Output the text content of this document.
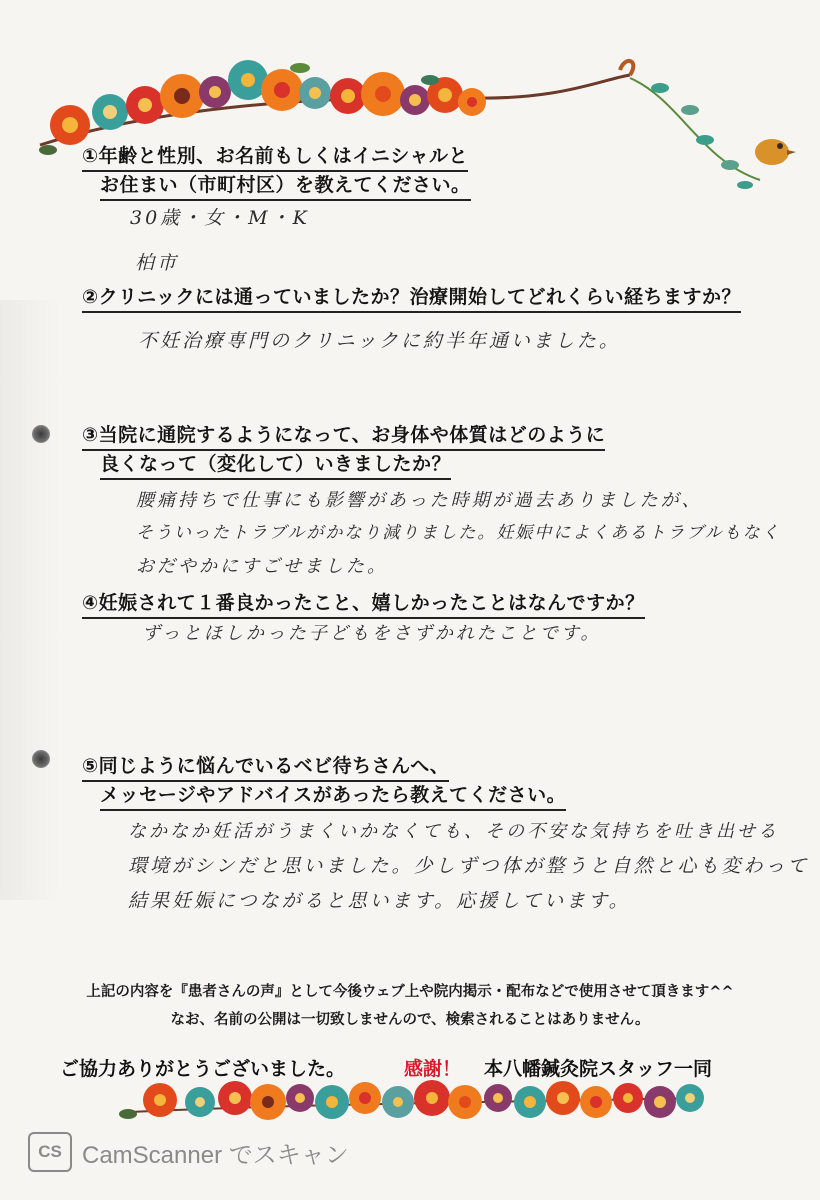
①年齢と性別、お名前もしくはイニシャルと
お住まい（市町村区）を教えてください。
30歳・女・M・K
柏市
②クリニックには通っていましたか？治療開始してどれくらい経ちますか？
不妊治療専門のクリニックに約半年通いました。
③当院に通院するようになって、お身体や体質はどのように
良くなって（変化して）いきましたか？
腰痛持ちで仕事にも影響があった時期が過去ありましたが、
そういったトラブルがかなり減りました。妊娠中によくあるトラブルもなく
おだやかにすごせました。
④妊娠されて１番良かったこと、嬉しかったことはなんですか？
ずっとほしかった子どもをさずかれたことです。
⑤同じように悩んでいるベビ待ちさんへ、
メッセージやアドバイスがあったら教えてください。
なかなか妊活がうまくいかなくても、その不安な気持ちを吐き出せる
環境がシンだと思いました。少しずつ体が整うと自然と心も変わって
結果妊娠につながると思います。応援しています。
上記の内容を『患者さんの声』として今後ウェブ上や院内掲示・配布などで使用させて頂きます^^
なお、名前の公開は一切致しませんので、検索されることはありません。
ご協力ありがとうございました。	感謝！ 本八幡鍼灸院スタッフ一同
CS CamScanner でスキャン
